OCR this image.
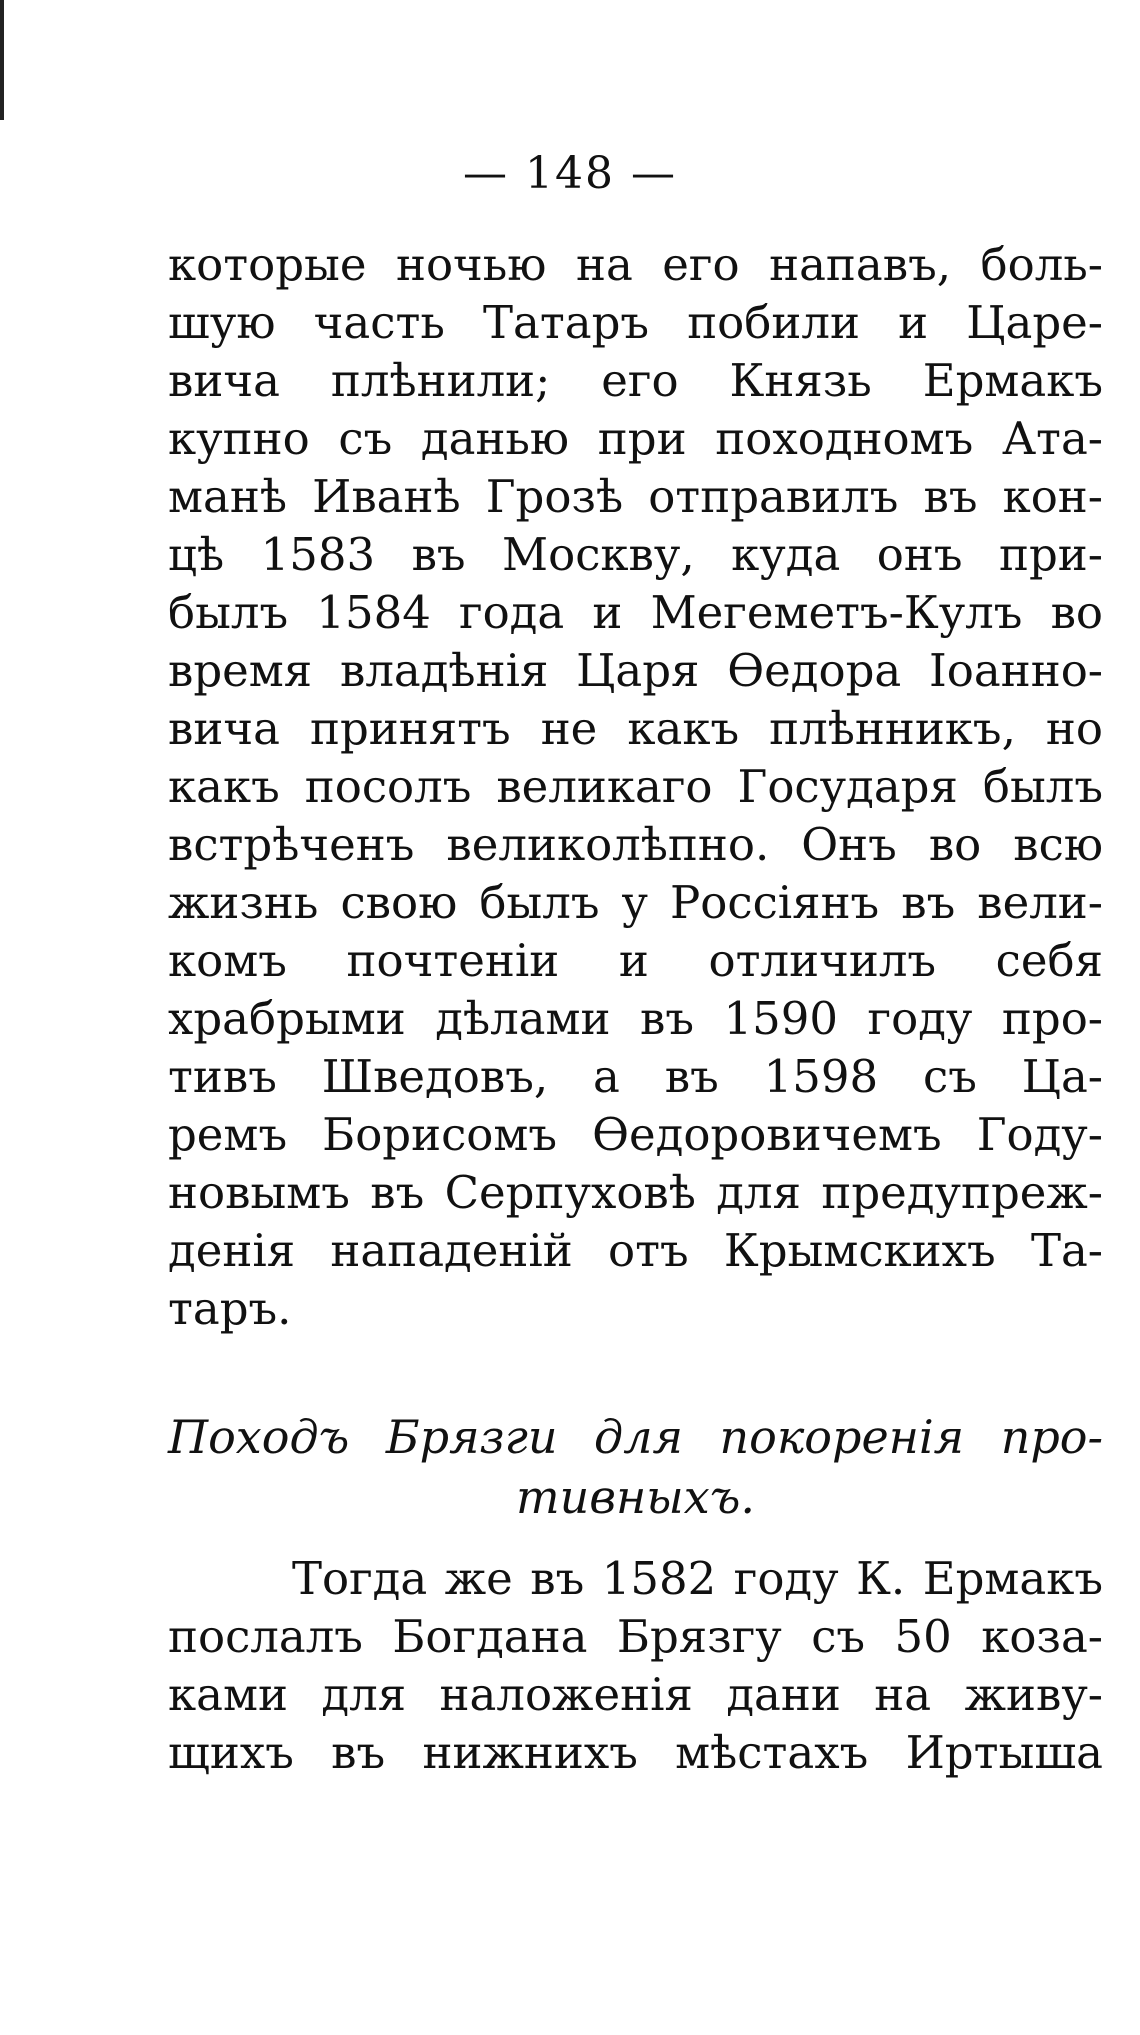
— 148 —
которые ночью на его напавъ, боль-
шую часть Татаръ побили и Царе-
вича плѣнили; его Князь Ермакъ
купно съ данью при походномъ Ата-
манѣ Иванѣ Грозѣ отправилъ въ кон-
цѣ 1583 въ Москву, куда онъ при-
былъ 1584 года и Мегеметъ-Кулъ во
время владѣнія Царя Ѳедора Іоанно-
вича принятъ не какъ плѣнникъ, но
какъ посолъ великаго Государя былъ
встрѣченъ великолѣпно. Онъ во всю
жизнь свою былъ у Россіянъ въ вели-
комъ почтеніи и отличилъ себя
храбрыми дѣлами въ 1590 году про-
тивъ Шведовъ, а въ 1598 съ Ца-
ремъ Борисомъ Ѳедоровичемъ Году-
новымъ въ Серпуховѣ для предупреж-
денія нападеній отъ Крымскихъ Та-
таръ.
Походъ Брязги для покоренія про-
тивныхъ.
Тогда же въ 1582 году К. Ермакъ
послалъ Богдана Брязгу съ 50 коза-
ками для наложенія дани на живу-
щихъ въ нижнихъ мѣстахъ Иртыша
